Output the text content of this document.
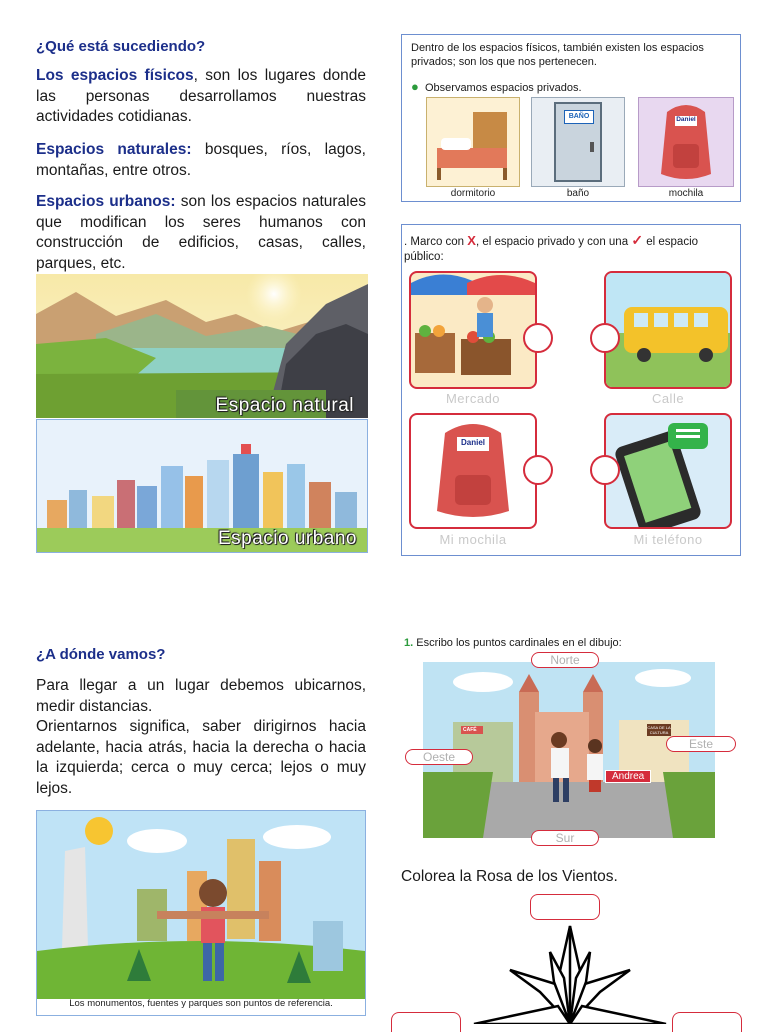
¿Qué está sucediendo?
Los espacios físicos, son los lugares donde las personas desarrollamos nuestras actividades cotidianas.
Espacios naturales: bosques, ríos, lagos, montañas, entre otros.
Espacios urbanos: son los espacios naturales que modifican los seres humanos con construcción de edificios, casas, calles, parques, etc.
Espacio natural
Espacio urbano
¿A dónde vamos?
Para llegar a un lugar debemos ubicarnos, medir distancias.
Orientarnos significa, saber dirigirnos hacia adelante, hacia atrás, hacia la derecha o hacia la izquierda; cerca o muy cerca; lejos o muy lejos.
Los monumentos, fuentes y parques son puntos de referencia.
Dentro de los espacios físicos, también existen los espacios privados; son los que nos pertenecen.
● Observamos espacios privados.
dormitorio
BAÑO
baño
Daniel
mochila
. Marco con X, el espacio privado y con una ✓ el espacio público:
Mercado	Calle
Daniel
Mi mochila	Mi teléfono
1. Escribo los puntos cardinales en el dibujo:
CAFÉ	CASA DE LA CULTURA
Andrea
Norte
Oeste
Este
Sur
Colorea la Rosa de los Vientos.
